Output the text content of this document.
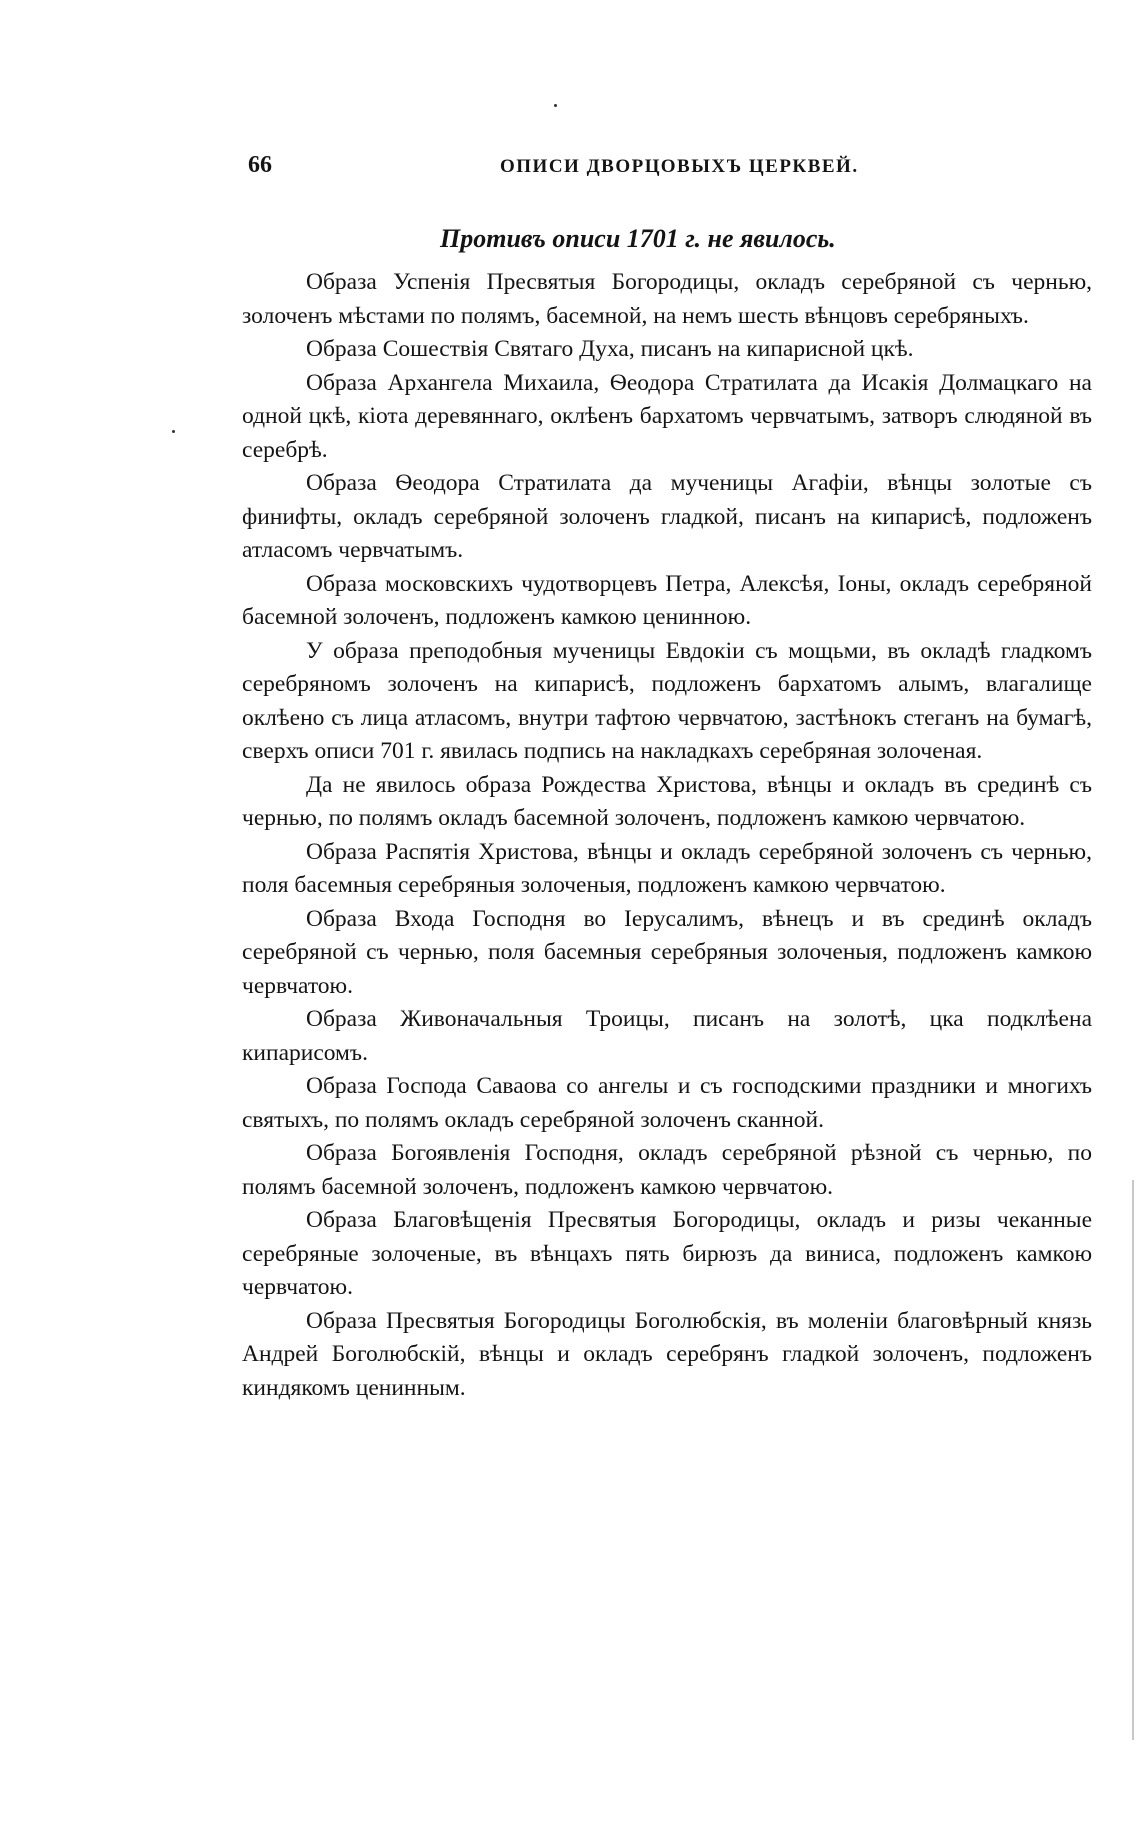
66	ОПИСИ ДВОРЦОВЫХЪ ЦЕРКВЕЙ.
Противъ описи 1701 г. не явилось.

Образа Успенія Пресвятыя Богородицы, окладъ серебряной съ чернью, золоченъ мѣстами по полямъ, басемной, на немъ шесть вѣнцовъ серебряныхъ.

Образа Сошествія Святаго Духа, писанъ на кипарисной цкѣ.

Образа Архангела Михаила, Ѳеодора Стратилата да Исакія Долмацкаго на одной цкѣ, кіота деревяннаго, оклѣенъ бархатомъ червчатымъ, затворъ слюдяной въ серебрѣ.

Образа Ѳеодора Стратилата да мученицы Агафіи, вѣнцы золотые съ финифты, окладъ серебряной золоченъ гладкой, писанъ на кипарисѣ, подложенъ атласомъ червчатымъ.

Образа московскихъ чудотворцевъ Петра, Алексѣя, Іоны, окладъ серебряной басемной золоченъ, подложенъ камкою ценинною.

У образа преподобныя мученицы Евдокіи съ мощьми, въ окладѣ гладкомъ серебряномъ золоченъ на кипарисѣ, подложенъ бархатомъ алымъ, влагалище оклѣено съ лица атласомъ, внутри тафтою червчатою, застѣнокъ стеганъ на бумагѣ, сверхъ описи 701 г. явилась подпись на накладкахъ серебряная золоченая.

Да не явилось образа Рождества Христова, вѣнцы и окладъ въ срединѣ съ чернью, по полямъ окладъ басемной золоченъ, подложенъ камкою червчатою.

Образа Распятія Христова, вѣнцы и окладъ серебряной золоченъ съ чернью, поля басемныя серебряныя золоченыя, подложенъ камкою червчатою.

Образа Входа Господня во Іерусалимъ, вѣнецъ и въ срединѣ окладъ серебряной съ чернью, поля басемныя серебряныя золоченыя, подложенъ камкою червчатою.

Образа Живоначальныя Троицы, писанъ на золотѣ, цка подклѣена кипарисомъ.

Образа Господа Саваова со ангелы и съ господскими праздники и многихъ святыхъ, по полямъ окладъ серебряной золоченъ сканной.

Образа Богоявленія Господня, окладъ серебряной рѣзной съ чернью, по полямъ басемной золоченъ, подложенъ камкою червчатою.

Образа Благовѣщенія Пресвятыя Богородицы, окладъ и ризы чеканные серебряные золоченые, въ вѣнцахъ пять бирюзъ да виниса, подложенъ камкою червчатою.

Образа Пресвятыя Богородицы Боголюбскія, въ моленіи благовѣрный князь Андрей Боголюбскій, вѣнцы и окладъ серебрянъ гладкой золоченъ, подложенъ киндякомъ ценинным.
